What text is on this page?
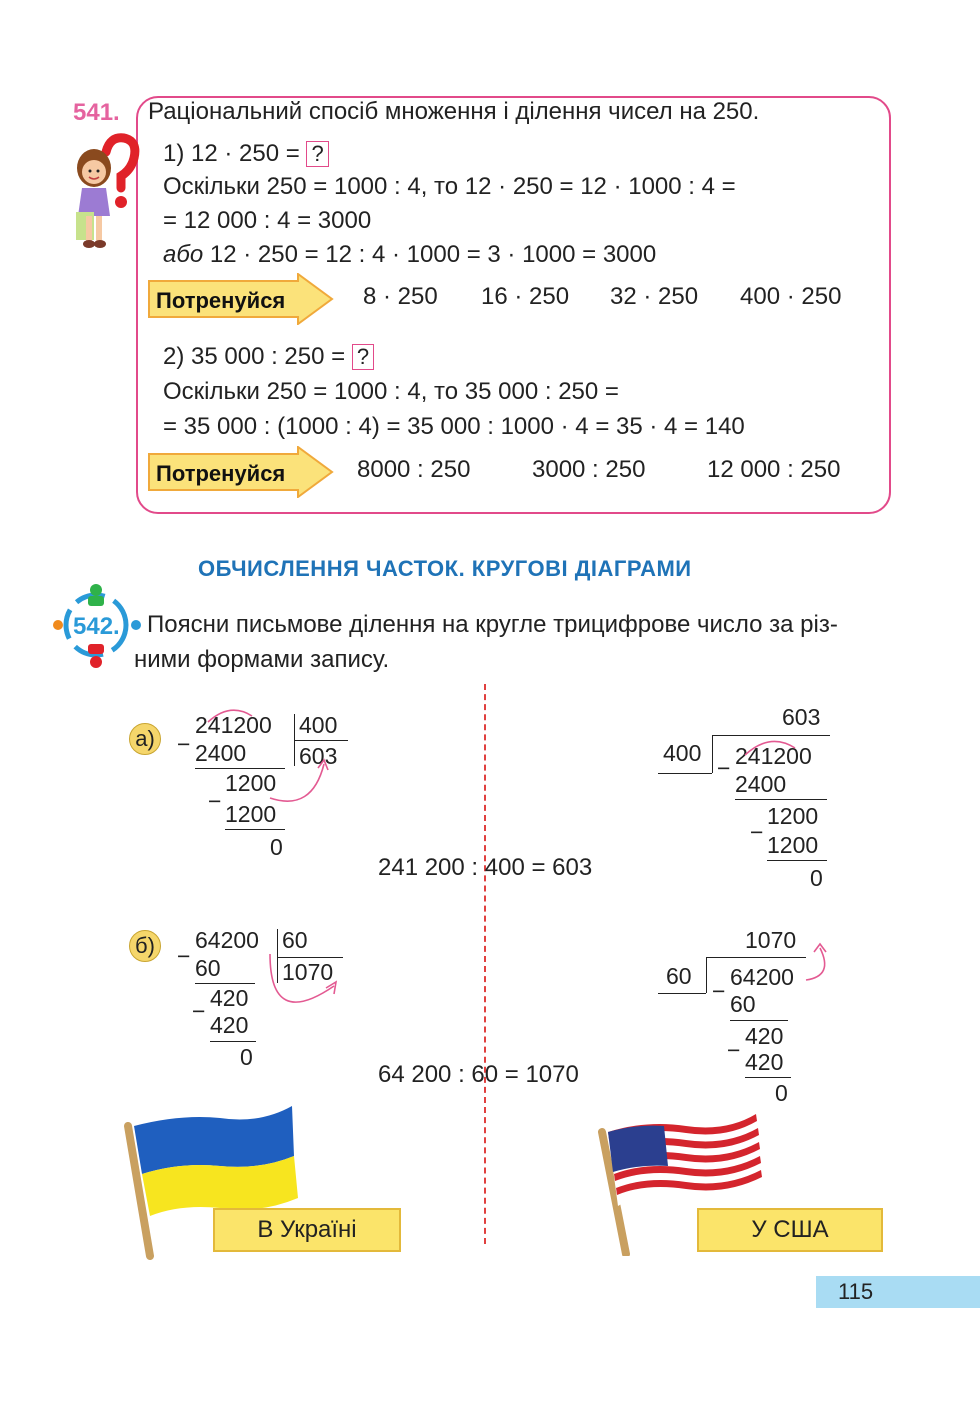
541. Раціональний спосіб множення і ділення чисел на 250.
1) 12 · 250 = ?
Оскільки 250 = 1000 : 4, то 12 · 250 = 12 · 1000 : 4 =
= 12 000 : 4 = 3000
або 12 · 250 = 12 : 4 · 1000 = 3 · 1000 = 3000
Потренуйся	8 · 250 16 · 250 32 · 250 400 · 250
2) 35 000 : 250 = ?
Оскільки 250 = 1000 : 4, то 35 000 : 250 =
= 35 000 : (1000 : 4) = 35 000 : 1000 · 4 = 35 · 4 = 140
Потренуйся	8000 : 250	3000 : 250	12 000 : 250
ОБЧИСЛЕННЯ ЧАСТОК. КРУГОВІ ДІАГРАМИ
542. Поясни письмове ділення на кругле трицифрове число за різ-
ними формами запису.
а) −
241200 400
603
2400
1200
− 1200
0
241 200 : 400 = 603
603
400
− 241200
2400
1200
− 1200
0
б) −
64200 60
1070
60
− 420
420
0
64 200 : 60 = 1070
1070
60
−
64200
60
420
− 420
0
В Україні	У США
115
